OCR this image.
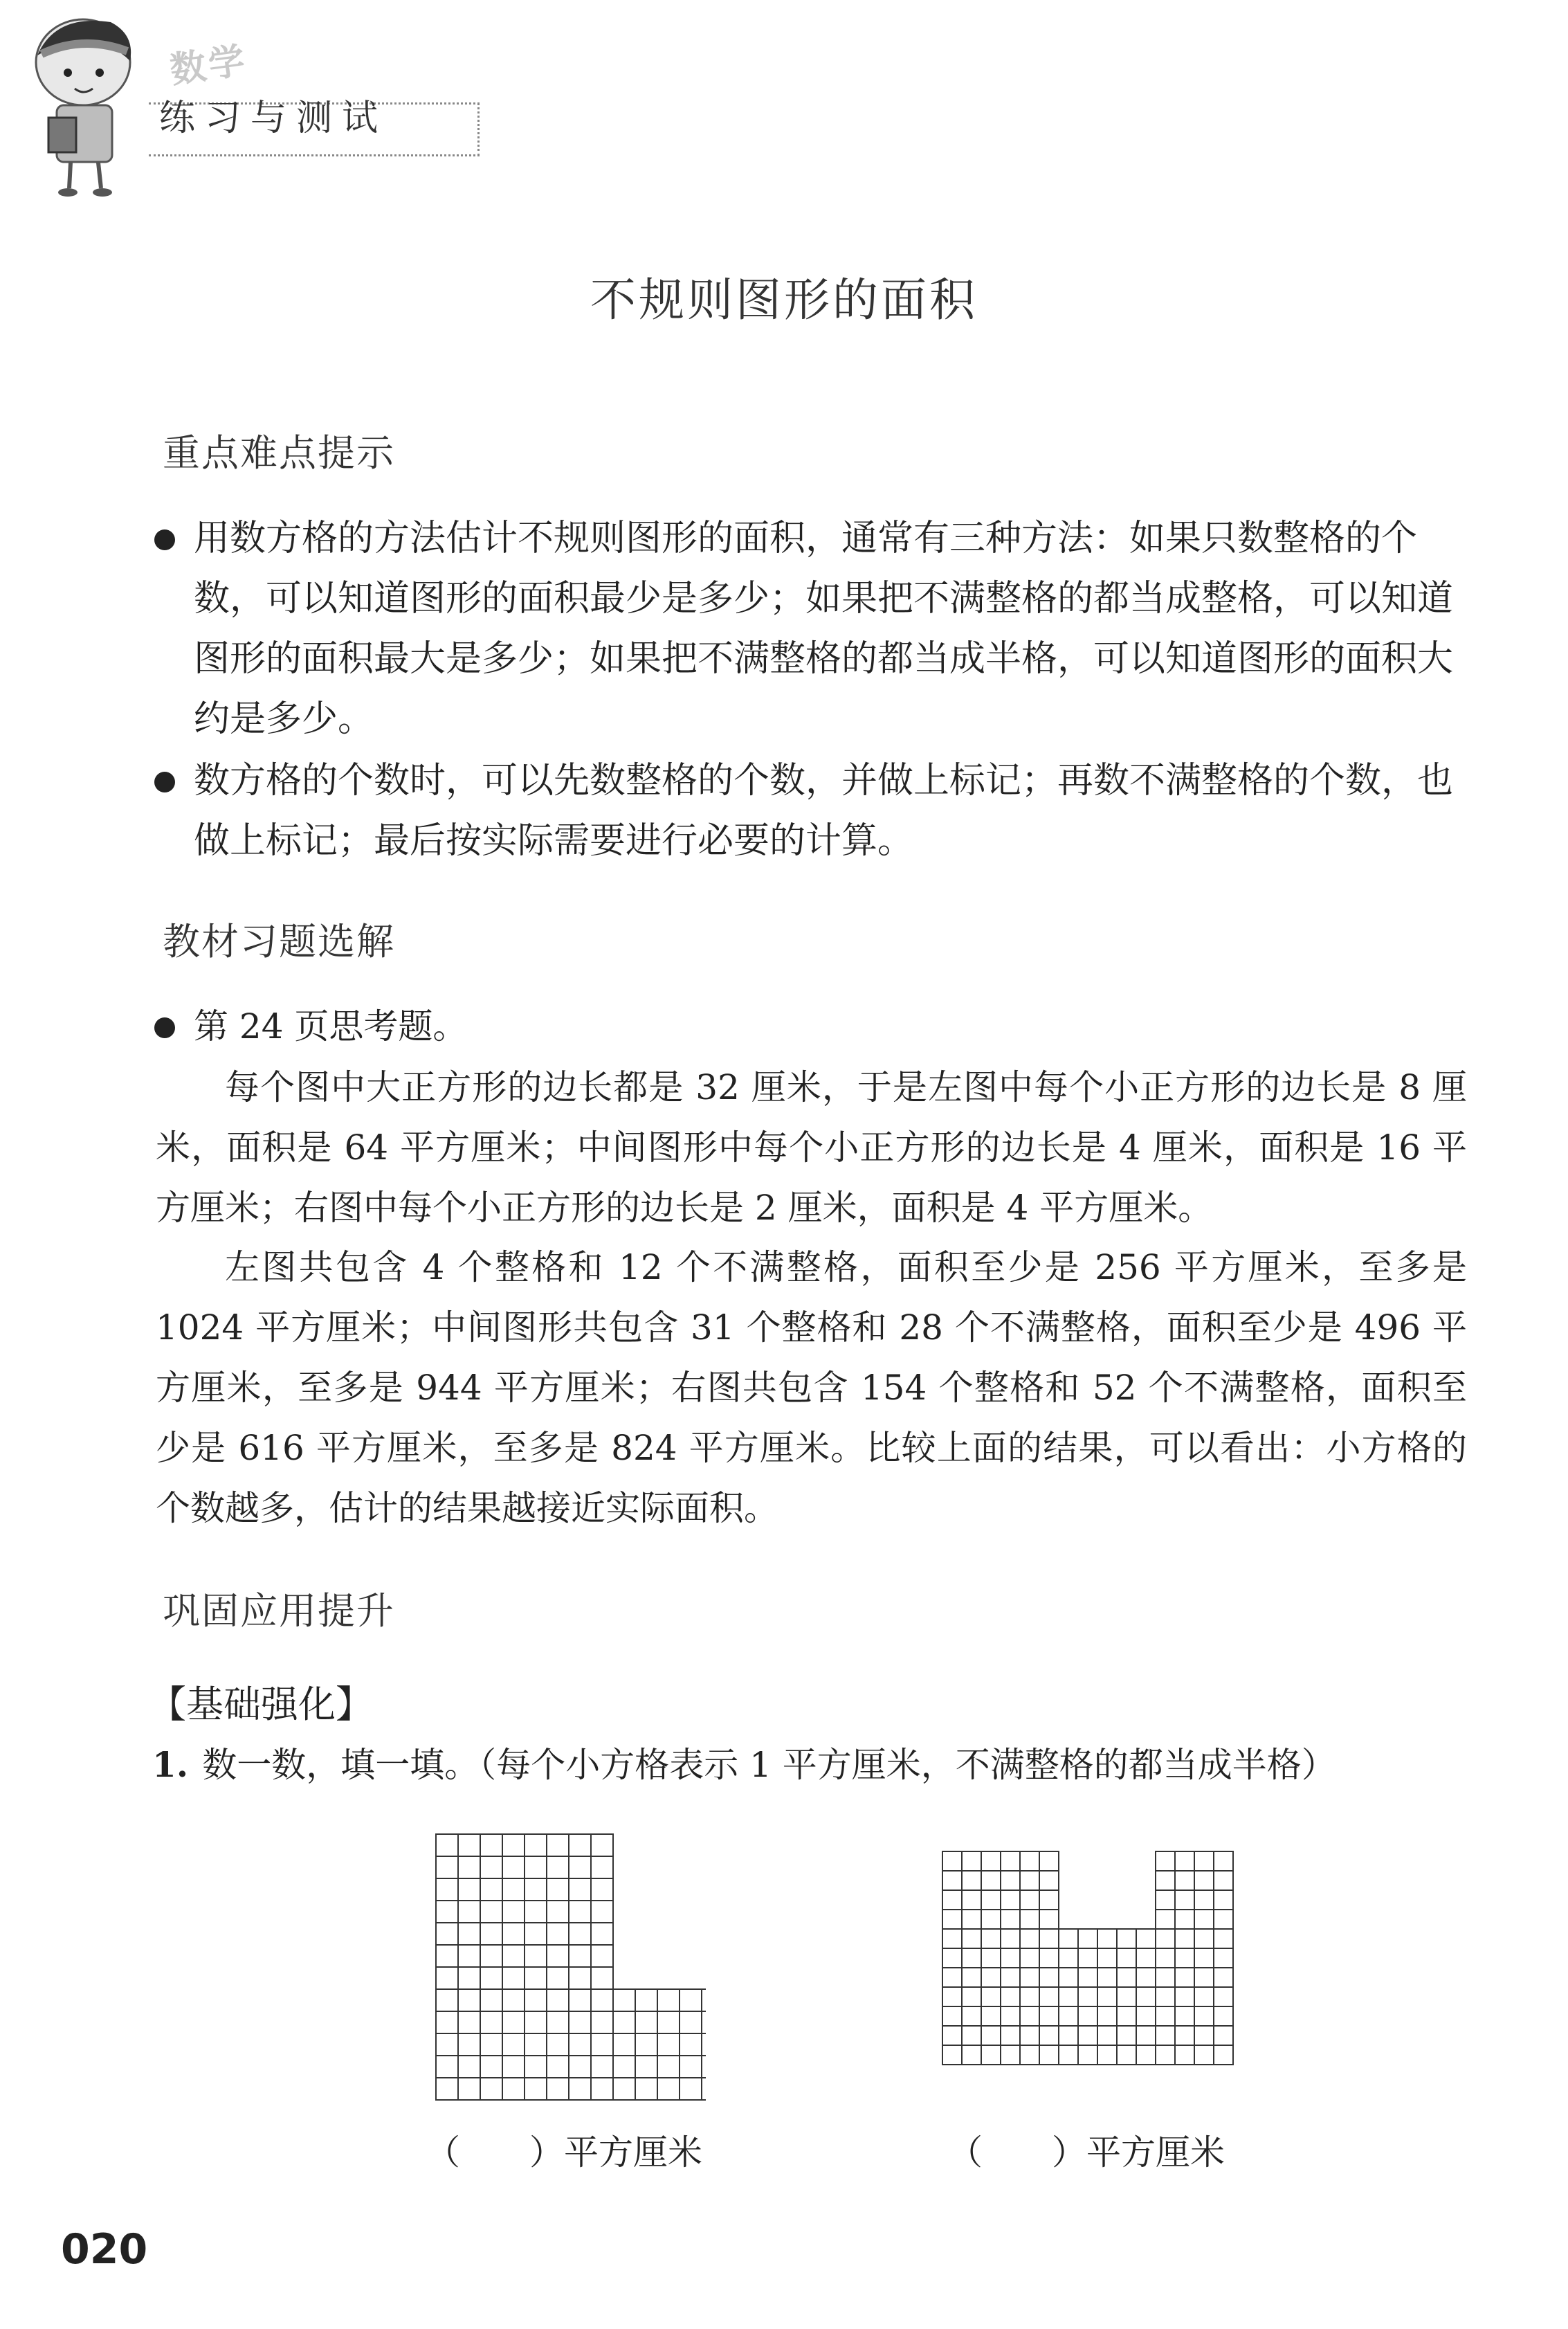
数学
练习与测试
不规则图形的面积
重点难点提示
用数方格的方法估计不规则图形的面积，通常有三种方法：如果只数整格的个数，可以知道图形的面积最少是多少；如果把不满整格的都当成整格，可以知道图形的面积最大是多少；如果把不满整格的都当成半格，可以知道图形的面积大约是多少。
数方格的个数时，可以先数整格的个数，并做上标记；再数不满整格的个数，也做上标记；最后按实际需要进行必要的计算。
教材习题选解
第 24 页思考题。
每个图中大正方形的边长都是 32 厘米，于是左图中每个小正方形的边长是 8 厘米，面积是 64 平方厘米；中间图形中每个小正方形的边长是 4 厘米，面积是 16 平方厘米；右图中每个小正方形的边长是 2 厘米，面积是 4 平方厘米。
左图共包含 4 个整格和 12 个不满整格，面积至少是 256 平方厘米，至多是 1024 平方厘米；中间图形共包含 31 个整格和 28 个不满整格，面积至少是 496 平方厘米，至多是 944 平方厘米；右图共包含 154 个整格和 52 个不满整格，面积至少是 616 平方厘米，至多是 824 平方厘米。比较上面的结果，可以看出：小方格的个数越多，估计的结果越接近实际面积。
巩固应用提升
【基础强化】
1. 数一数，填一填。（每个小方格表示 1 平方厘米，不满整格的都当成半格）
（　　）平方厘米	（　　）平方厘米
020
